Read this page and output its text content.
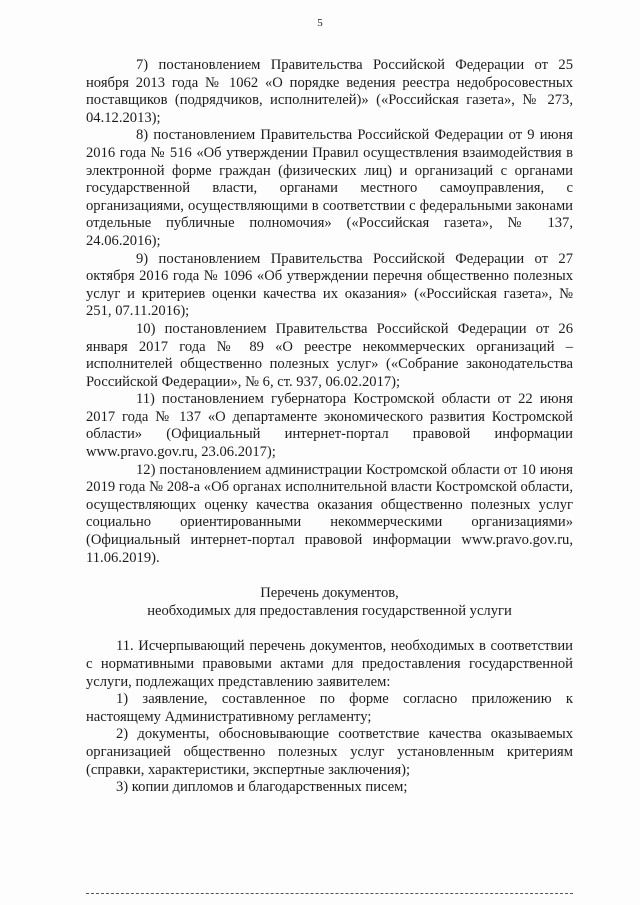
5

7) постановлением Правительства Российской Федерации от 25 ноября 2013 года № 1062 «О порядке ведения реестра недобросовестных поставщиков (подрядчиков, исполнителей)» («Российская газета», № 273, 04.12.2013);

8) постановлением Правительства Российской Федерации от 9 июня 2016 года № 516 «Об утверждении Правил осуществления взаимодействия в электронной форме граждан (физических лиц) и организаций с органами государственной власти, органами местного самоуправления, с организациями, осуществляющими в соответствии с федеральными законами отдельные публичные полномочия» («Российская газета», № 137, 24.06.2016);

9) постановлением Правительства Российской Федерации от 27 октября 2016 года № 1096 «Об утверждении перечня общественно полезных услуг и критериев оценки качества их оказания» («Российская газета», № 251, 07.11.2016);

10) постановлением Правительства Российской Федерации от 26 января 2017 года № 89 «О реестре некоммерческих организаций – исполнителей общественно полезных услуг» («Собрание законодательства Российской Федерации», № 6, ст. 937, 06.02.2017);

11) постановлением губернатора Костромской области от 22 июня 2017 года № 137 «О департаменте экономического развития Костромской области» (Официальный интернет-портал правовой информации www.pravo.gov.ru, 23.06.2017);

12) постановлением администрации Костромской области от 10 июня 2019 года № 208-а «Об органах исполнительной власти Костромской области, осуществляющих оценку качества оказания общественно полезных услуг социально ориентированными некоммерческими организациями» (Официальный интернет-портал правовой информации www.pravo.gov.ru, 11.06.2019).

Перечень документов,
необходимых для предоставления государственной услуги

11. Исчерпывающий перечень документов, необходимых в соответствии с нормативными правовыми актами для предоставления государственной услуги, подлежащих представлению заявителем:

1) заявление, составленное по форме согласно приложению к настоящему Административному регламенту;

2) документы, обосновывающие соответствие качества оказываемых организацией общественно полезных услуг установленным критериям (справки, характеристики, экспертные заключения);

3) копии дипломов и благодарственных писем;
